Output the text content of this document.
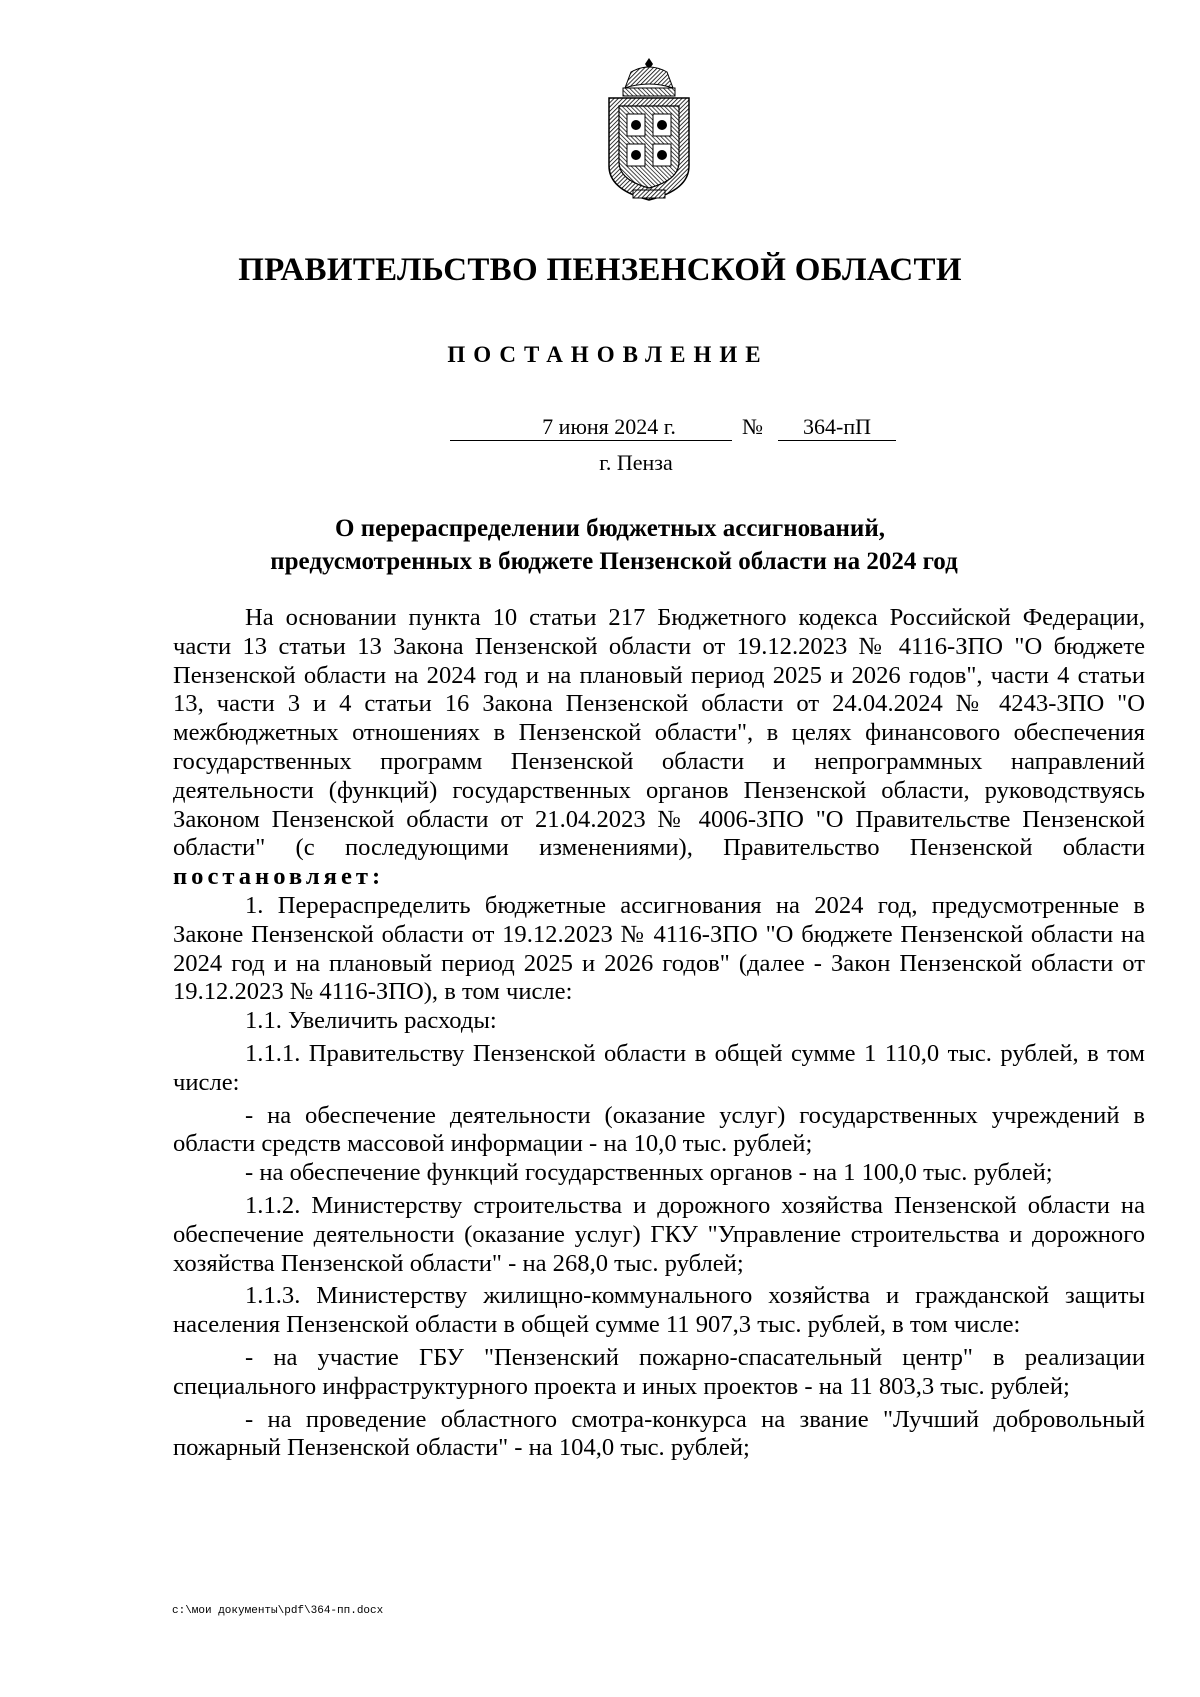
ПРАВИТЕЛЬСТВО ПЕНЗЕНСКОЙ ОБЛАСТИ
ПОСТАНОВЛЕНИЕ
7 июня 2024 г.	№	364-пП
г. Пенза
О перераспределении бюджетных ассигнований,
предусмотренных в бюджете Пензенской области на 2024 год

На основании пункта 10 статьи 217 Бюджетного кодекса Российской Федерации, части 13 статьи 13 Закона Пензенской области от 19.12.2023 № 4116-ЗПО "О бюджете Пензенской области на 2024 год и на плановый период 2025 и 2026 годов", части 4 статьи 13, части 3 и 4 статьи 16 Закона Пензенской области от 24.04.2024 № 4243-ЗПО "О межбюджетных отношениях в Пензенской области", в целях финансового обеспечения государственных программ Пензенской области и непрограммных направлений деятельности (функций) государственных органов Пензенской области, руководствуясь Законом Пензенской области от 21.04.2023 № 4006-ЗПО "О Правительстве Пензенской области" (с последующими изменениями), Правительство Пензенской области постановляет:

1. Перераспределить бюджетные ассигнования на 2024 год, предусмотренные в Законе Пензенской области от 19.12.2023 № 4116-ЗПО "О бюджете Пензенской области на 2024 год и на плановый период 2025 и 2026 годов" (далее - Закон Пензенской области от 19.12.2023 № 4116-ЗПО), в том числе:

1.1. Увеличить расходы:

1.1.1. Правительству Пензенской области в общей сумме 1 110,0 тыс. рублей, в том числе:

- на обеспечение деятельности (оказание услуг) государственных учреждений в области средств массовой информации - на 10,0 тыс. рублей;

- на обеспечение функций государственных органов - на 1 100,0 тыс. рублей;

1.1.2. Министерству строительства и дорожного хозяйства Пензенской области на обеспечение деятельности (оказание услуг) ГКУ "Управление строительства и дорожного хозяйства Пензенской области" - на 268,0 тыс. рублей;

1.1.3. Министерству жилищно-коммунального хозяйства и гражданской защиты населения Пензенской области в общей сумме 11 907,3 тыс. рублей, в том числе:

- на участие ГБУ "Пензенский пожарно-спасательный центр" в реализации специального инфраструктурного проекта и иных проектов - на 11 803,3 тыс. рублей;

- на проведение областного смотра-конкурса на звание "Лучший добровольный пожарный Пензенской области" - на 104,0 тыс. рублей;

c:\мои документы\pdf\364-пп.docx
